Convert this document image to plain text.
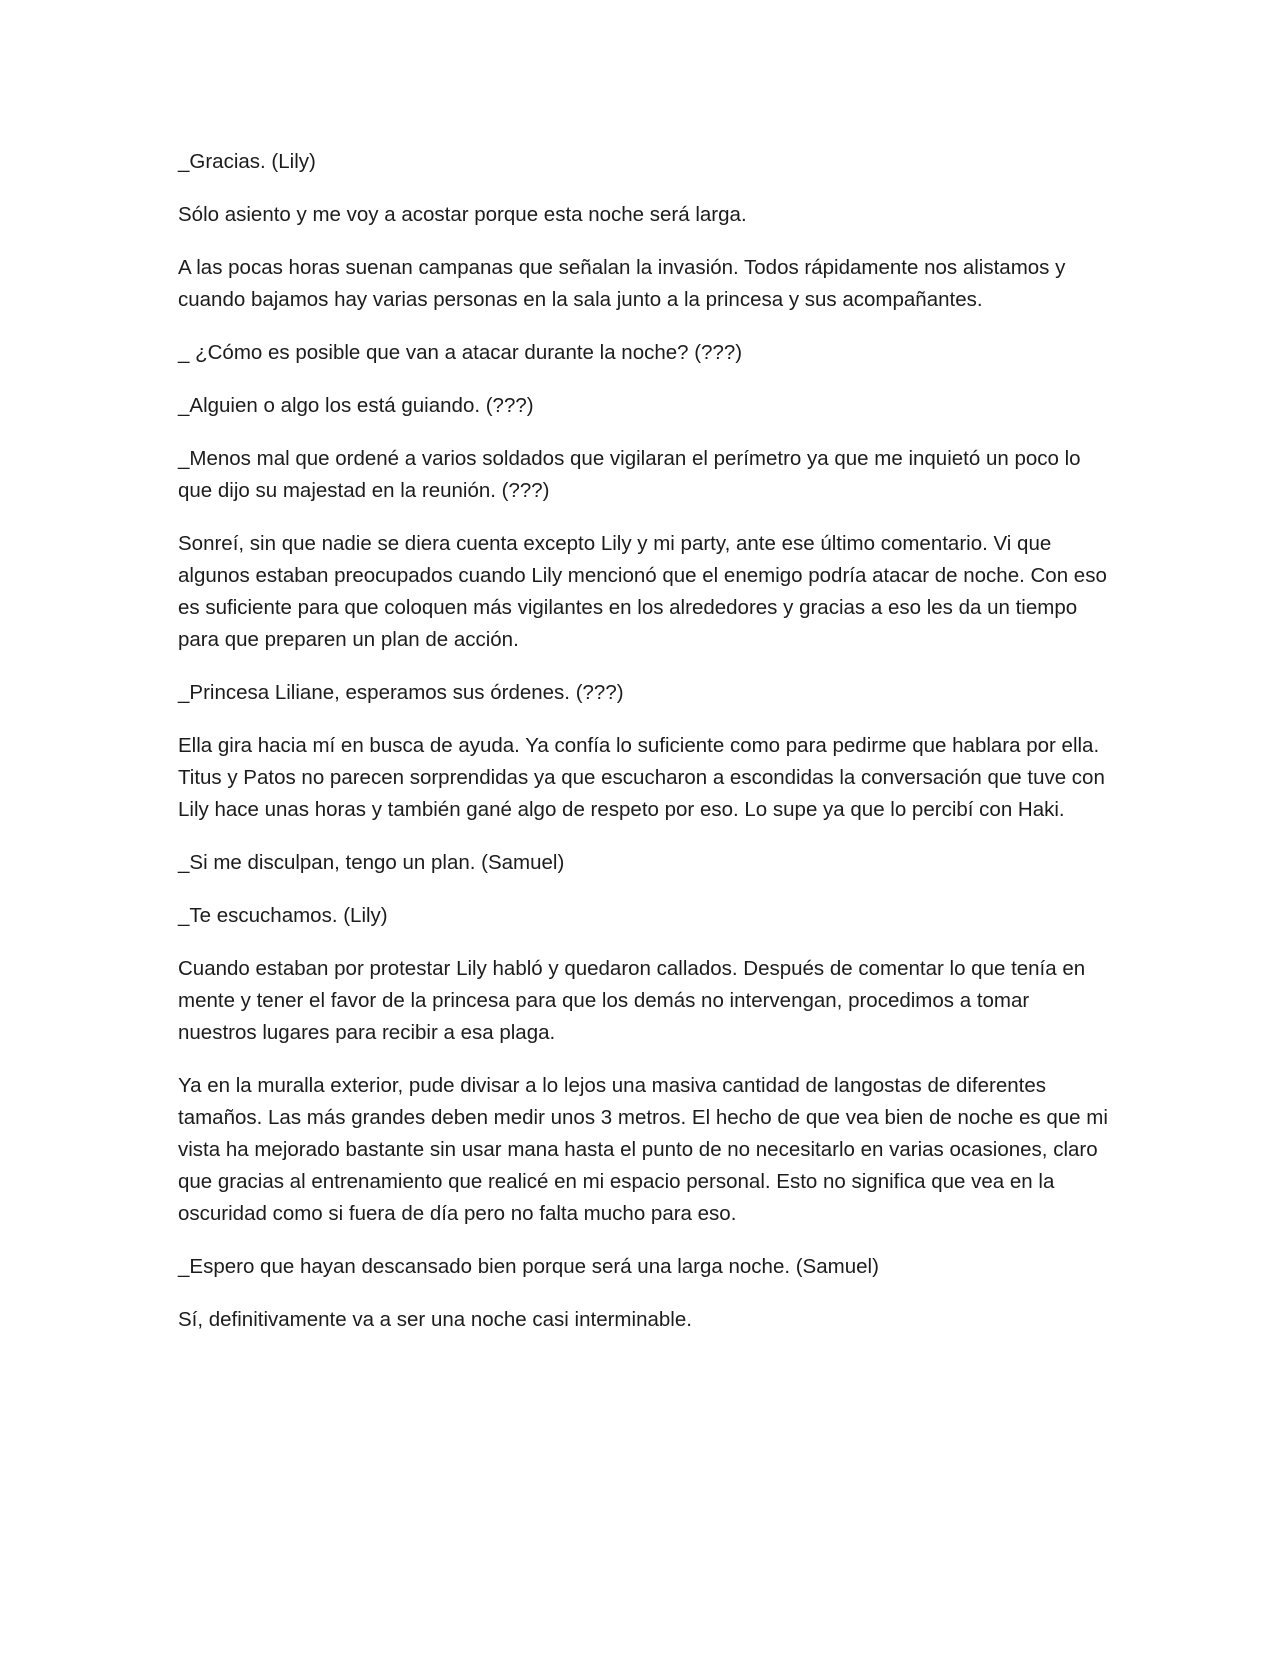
_Gracias. (Lily)

Sólo asiento y me voy a acostar porque esta noche será larga.

A las pocas horas suenan campanas que señalan la invasión. Todos rápidamente nos alistamos y cuando bajamos hay varias personas en la sala junto a la princesa y sus acompañantes.

_ ¿Cómo es posible que van a atacar durante la noche? (???)

_Alguien o algo los está guiando. (???)

_Menos mal que ordené a varios soldados que vigilaran el perímetro ya que me inquietó un poco lo que dijo su majestad en la reunión. (???)

Sonreí, sin que nadie se diera cuenta excepto Lily y mi party, ante ese último comentario. Vi que algunos estaban preocupados cuando Lily mencionó que el enemigo podría atacar de noche. Con eso es suficiente para que coloquen más vigilantes en los alrededores y gracias a eso les da un tiempo para que preparen un plan de acción.

_Princesa Liliane, esperamos sus órdenes. (???)

Ella gira hacia mí en busca de ayuda. Ya confía lo suficiente como para pedirme que hablara por ella. Titus y Patos no parecen sorprendidas ya que escucharon a escondidas la conversación que tuve con Lily hace unas horas y también gané algo de respeto por eso. Lo supe ya que lo percibí con Haki.

_Si me disculpan, tengo un plan. (Samuel)

_Te escuchamos. (Lily)

Cuando estaban por protestar Lily habló y quedaron callados. Después de comentar lo que tenía en mente y tener el favor de la princesa para que los demás no intervengan, procedimos a tomar nuestros lugares para recibir a esa plaga.

Ya en la muralla exterior, pude divisar a lo lejos una masiva cantidad de langostas de diferentes tamaños. Las más grandes deben medir unos 3 metros. El hecho de que vea bien de noche es que mi vista ha mejorado bastante sin usar mana hasta el punto de no necesitarlo en varias ocasiones, claro que gracias al entrenamiento que realicé en mi espacio personal. Esto no significa que vea en la oscuridad como si fuera de día pero no falta mucho para eso.

_Espero que hayan descansado bien porque será una larga noche. (Samuel)

Sí, definitivamente va a ser una noche casi interminable.
